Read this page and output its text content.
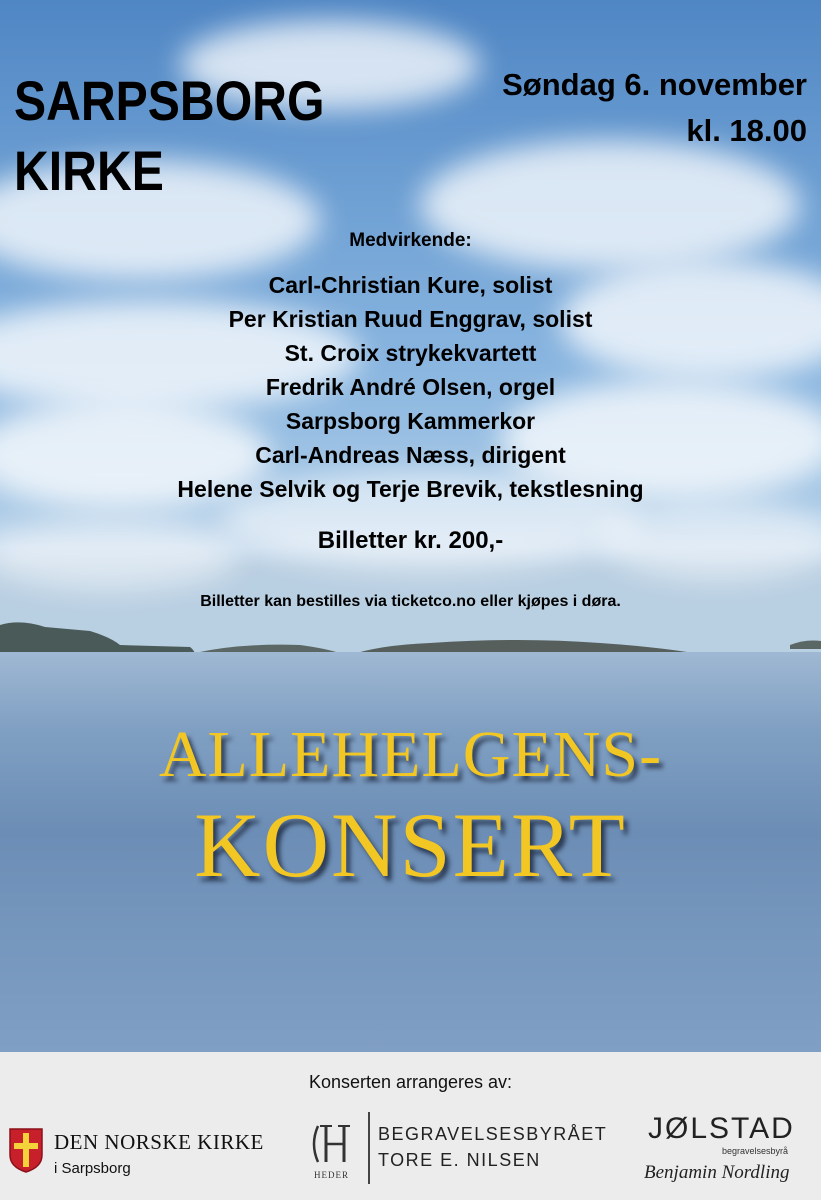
SARPSBORG
KIRKE
Søndag 6. november
kl. 18.00
Medvirkende:
Carl-Christian Kure, solist
Per Kristian Ruud Enggrav, solist
St. Croix strykekvartett
Fredrik André Olsen, orgel
Sarpsborg Kammerkor
Carl-Andreas Næss, dirigent
Helene Selvik og Terje Brevik, tekstlesning
Billetter kr. 200,-
Billetter kan bestilles via ticketco.no eller kjøpes i døra.
ALLEHELGENS-
KONSERT
Konserten arrangeres av:
DEN NORSKE KIRKE
i Sarpsborg	HEDER
BEGRAVELSESBYRÅET
TORE E. NILSEN
JØLSTAD
begravelsesbyrå
Benjamin Nordling
